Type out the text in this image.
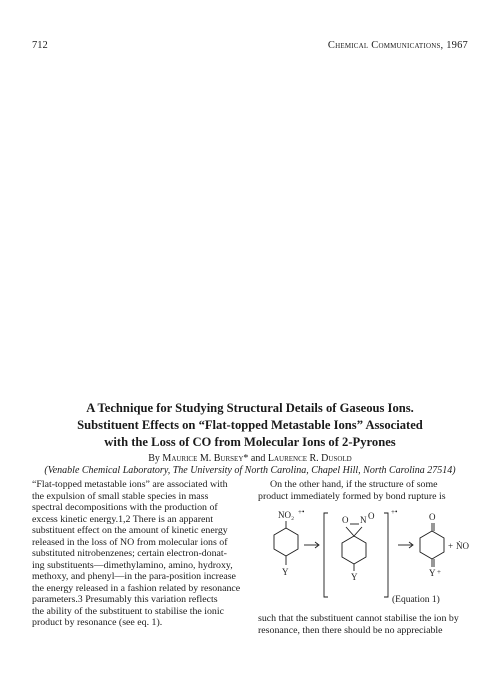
712	Chemical Communications, 1967
A Technique for Studying Structural Details of Gaseous Ions.
Substituent Effects on “Flat-topped Metastable Ions” Associated
with the Loss of CO from Molecular Ions of 2-Pyrones
By Maurice M. Bursey* and Laurence R. Dusold
(Venable Chemical Laboratory, The University of North Carolina, Chapel Hill, North Carolina 27514)
“Flat-topped metastable ions” are associated with
the expulsion of small stable species in mass
spectral decompositions with the production of
excess kinetic energy.1,2 There is an apparent
substituent effect on the amount of kinetic energy
released in the loss of NO from molecular ions of
substituted nitrobenzenes; certain electron-donat-
ing substituents—dimethylamino, amino, hydroxy,
methoxy, and phenyl—in the para-position increase
the energy released in a fashion related by resonance
parameters.3 Presumably this variation reflects
the ability of the substituent to stabilise the ionic
product by resonance (see eq. 1).
On the other hand, if the structure of some
product immediately formed by bond rupture is
NO₂ +•
Y
O N O
Y
+•	O
Y +
+ ṄO
(Equation 1)
such that the substituent cannot stabilise the ion by
resonance, then there should be no appreciable
